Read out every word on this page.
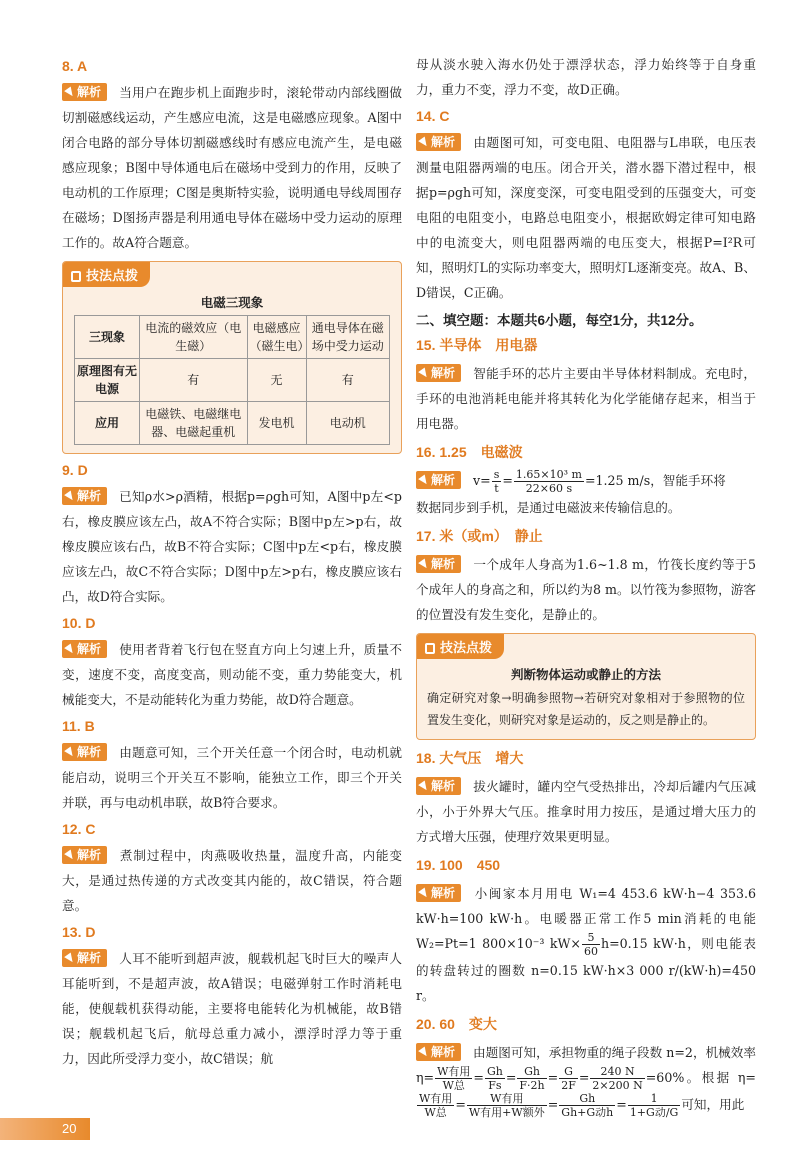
8. A

解析 当用户在跑步机上面跑步时，滚轮带动内部线圈做切割磁感线运动，产生感应电流，这是电磁感应现象。A图中闭合电路的部分导体切割磁感线时有感应电流产生，是电磁感应现象；B图中导体通电后在磁场中受到力的作用，反映了电动机的工作原理；C图是奥斯特实验，说明通电导线周围存在磁场；D图扬声器是利用通电导体在磁场中受力运动的原理工作的。故A符合题意。

技法点拨
电磁三现象
三现象	电流的磁效应（电生磁）	电磁感应（磁生电）	通电导体在磁场中受力运动
原理图有无电源	有	无	有
应用	电磁铁、电磁继电器、电磁起重机	发电机	电动机
9. D

解析 已知ρ水>ρ酒精，根据p=ρgh可知，A图中p左<p右，橡皮膜应该左凸，故A不符合实际；B图中p左>p右，故橡皮膜应该右凸，故B不符合实际；C图中p左<p右，橡皮膜应该左凸，故C不符合实际；D图中p左>p右，橡皮膜应该右凸，故D符合实际。

10. D

解析 使用者背着飞行包在竖直方向上匀速上升，质量不变，速度不变，高度变高，则动能不变，重力势能变大，机械能变大，不是动能转化为重力势能，故D符合题意。

11. B

解析 由题意可知，三个开关任意一个闭合时，电动机就能启动，说明三个开关互不影响，能独立工作，即三个开关并联，再与电动机串联，故B符合要求。

12. C

解析 煮制过程中，肉燕吸收热量，温度升高，内能变大，是通过热传递的方式改变其内能的，故C错误，符合题意。

13. D

解析 人耳不能听到超声波，舰载机起飞时巨大的噪声人耳能听到，不是超声波，故A错误；电磁弹射工作时消耗电能，使舰载机获得动能，主要将电能转化为机械能，故B错误；舰载机起飞后，航母总重力减小，漂浮时浮力等于重力，因此所受浮力变小，故C错误；航

母从淡水驶入海水仍处于漂浮状态，浮力始终等于自身重力，重力不变，浮力不变，故D正确。

14. C

解析 由题图可知，可变电阻、电阻器与L串联，电压表测量电阻器两端的电压。闭合开关，潜水器下潜过程中，根据p=ρgh可知，深度变深，可变电阻受到的压强变大，可变电阻的电阻变小，电路总电阻变小，根据欧姆定律可知电路中的电流变大，则电阻器两端的电压变大，根据P=I²R可知，照明灯L的实际功率变大，照明灯L逐渐变亮。故A、B、D错误，C正确。

二、填空题：本题共6小题，每空1分，共12分。
15. 半导体　用电器

解析 智能手环的芯片主要由半导体材料制成。充电时，手环的电池消耗电能并将其转化为化学能储存起来，相当于用电器。

16. 1.25　电磁波

解析 $v= \frac{s}{t} = \frac{\text{1.65×10³ m}}{22\times 60 s} =1.25$ m/s，智能手环将
数据同步到手机，是通过电磁波来传输信息的。

17. 米（或m）　静止

解析 一个成年人身高为1.6~1.8 m，竹筏长度约等于5个成年人的身高之和，所以约为8 m。以竹筏为参照物，游客的位置没有发生变化，是静止的。

技法点拨
判断物体运动或静止的方法
确定研究对象→明确参照物→若研究对象相对于参照物的位置发生变化，则研究对象是运动的，反之则是静止的。
18. 大气压　增大

解析 拔火罐时，罐内空气受热排出，冷却后罐内气压减小，小于外界大气压。推拿时用力按压，是通过增大压力的方式增大压强，使理疗效果更明显。

19. 100　450

解析 小闽家本月用电 W₁=4 453.6 kW·h−4 353.6 kW·h=100 kW·h。电暖器正常工作5 min消耗的电能 W₂=Pt=1 800×10⁻³ $kW\times \frac{5}{60} h=0.15$ kW·h，则电能表的转盘转过的圈数 n=0.15 kW·h×3 000 r/(kW·h)=450 r。

20. 60　变大

解析 由题图可知，承担物重的绳子段数 n=2，机械效率 $\eta= \frac{\text{W有用}}{\text{W总}} = \frac{Gh}{Fs} = \frac{Gh}{F\cdot 2h} = \frac{G}{2F} = \frac{240 N}{2\times 200 N} =60\%$。根据 η=
$\frac{\text{W有用}}{\text{W总}} = \frac{\text{W有用}}{\text{W有用+W额外}} = \frac{Gh}{\text{Gh+G动h}} = \frac{1}{\text{1+G动/G}}$ 可知，用此

20
